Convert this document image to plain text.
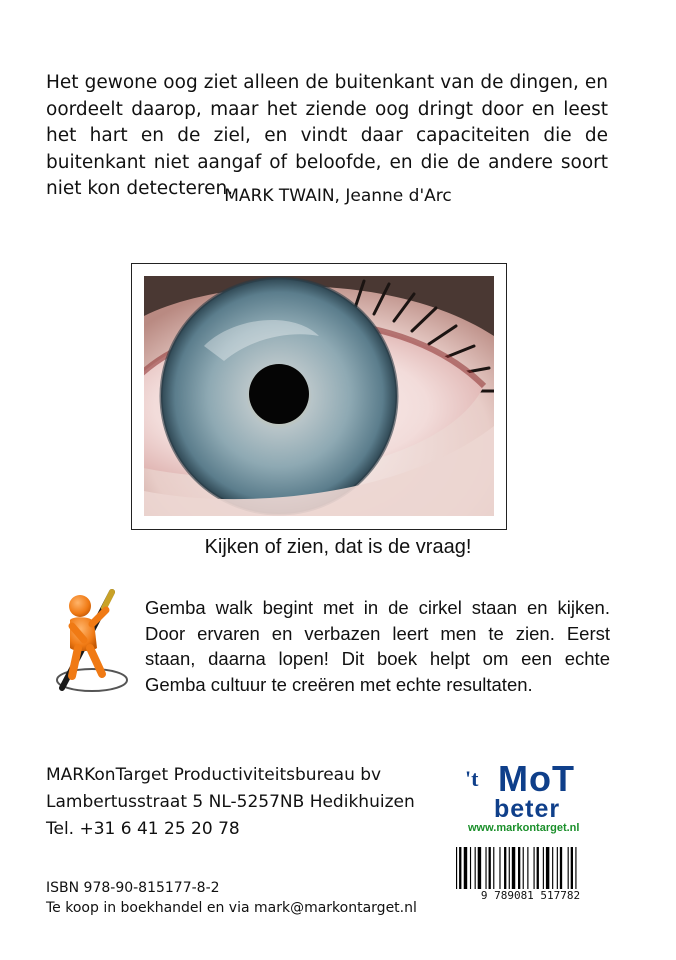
Het gewone oog ziet alleen de buitenkant van de dingen, en oordeelt daarop, maar het ziende oog dringt door en leest het hart en de ziel, en vindt daar capaciteiten die de buitenkant niet aangaf of beloofde, en die de andere soort niet kon detecteren.
MARK TWAIN, Jeanne d'Arc
Kijken of zien, dat is de vraag!
Gemba walk begint met in de cirkel staan en kijken. Door ervaren en verbazen leert men te zien. Eerst staan, daarna lopen! Dit boek helpt om een echte Gemba cultuur te creëren met echte resultaten.
MARKonTarget Productiviteitsbureau bv
Lambertusstraat 5 NL-5257NB Hedikhuizen
Tel. +31 6 41 25 20 78
't MoT
beter
www.markontarget.nl
ISBN 978-90-815177-8-2
Te koop in boekhandel en via mark@markontarget.nl
9 789081 517782
